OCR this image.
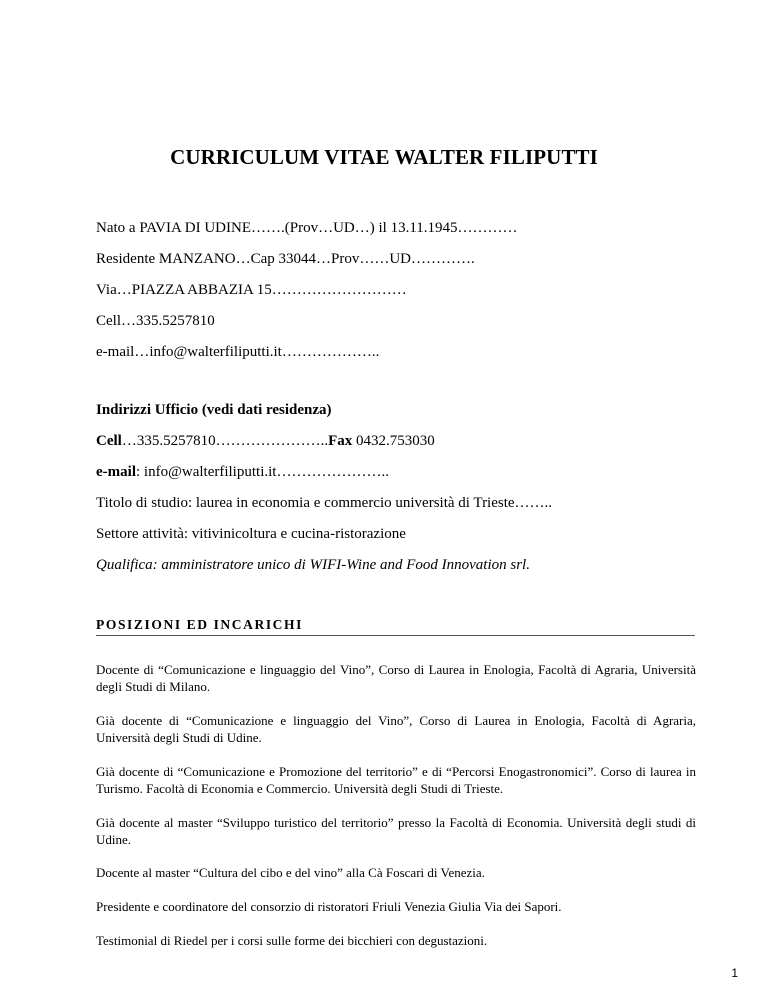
CURRICULUM VITAE WALTER FILIPUTTI
Nato a PAVIA DI UDINE…….(Prov…UD…) il 13.11.1945…………
Residente MANZANO…Cap 33044…Prov……UD………….
Via…PIAZZA ABBAZIA 15………………………
Cell…335.5257810
e-mail…info@walterfiliputti.it………………..
Indirizzi Ufficio (vedi dati residenza)
Cell…335.5257810…………………..Fax 0432.753030
e-mail: info@walterfiliputti.it…………………..
Titolo di studio: laurea in economia e commercio università di Trieste……..
Settore attività: vitivinicoltura e cucina-ristorazione
Qualifica: amministratore unico di WIFI-Wine and Food Innovation srl.
POSIZIONI ED INCARICHI
Docente di “Comunicazione e linguaggio del Vino”, Corso di Laurea in Enologia, Facoltà di Agraria, Università degli Studi di Milano.
Già docente di “Comunicazione e linguaggio del Vino”, Corso di Laurea in Enologia, Facoltà di Agraria, Università degli Studi di Udine.
Già docente di “Comunicazione e Promozione del territorio” e di “Percorsi Enogastronomici”. Corso di laurea in Turismo. Facoltà di Economia e Commercio. Università degli Studi di Trieste.
Già docente al master “Sviluppo turistico del territorio” presso la Facoltà di Economia. Università degli studi di Udine.
Docente al master “Cultura del cibo e del vino” alla Cà Foscari di Venezia.
Presidente e coordinatore del consorzio di ristoratori Friuli Venezia Giulia Via dei Sapori.
Testimonial di Riedel per i corsi sulle forme dei bicchieri con degustazioni.
1
